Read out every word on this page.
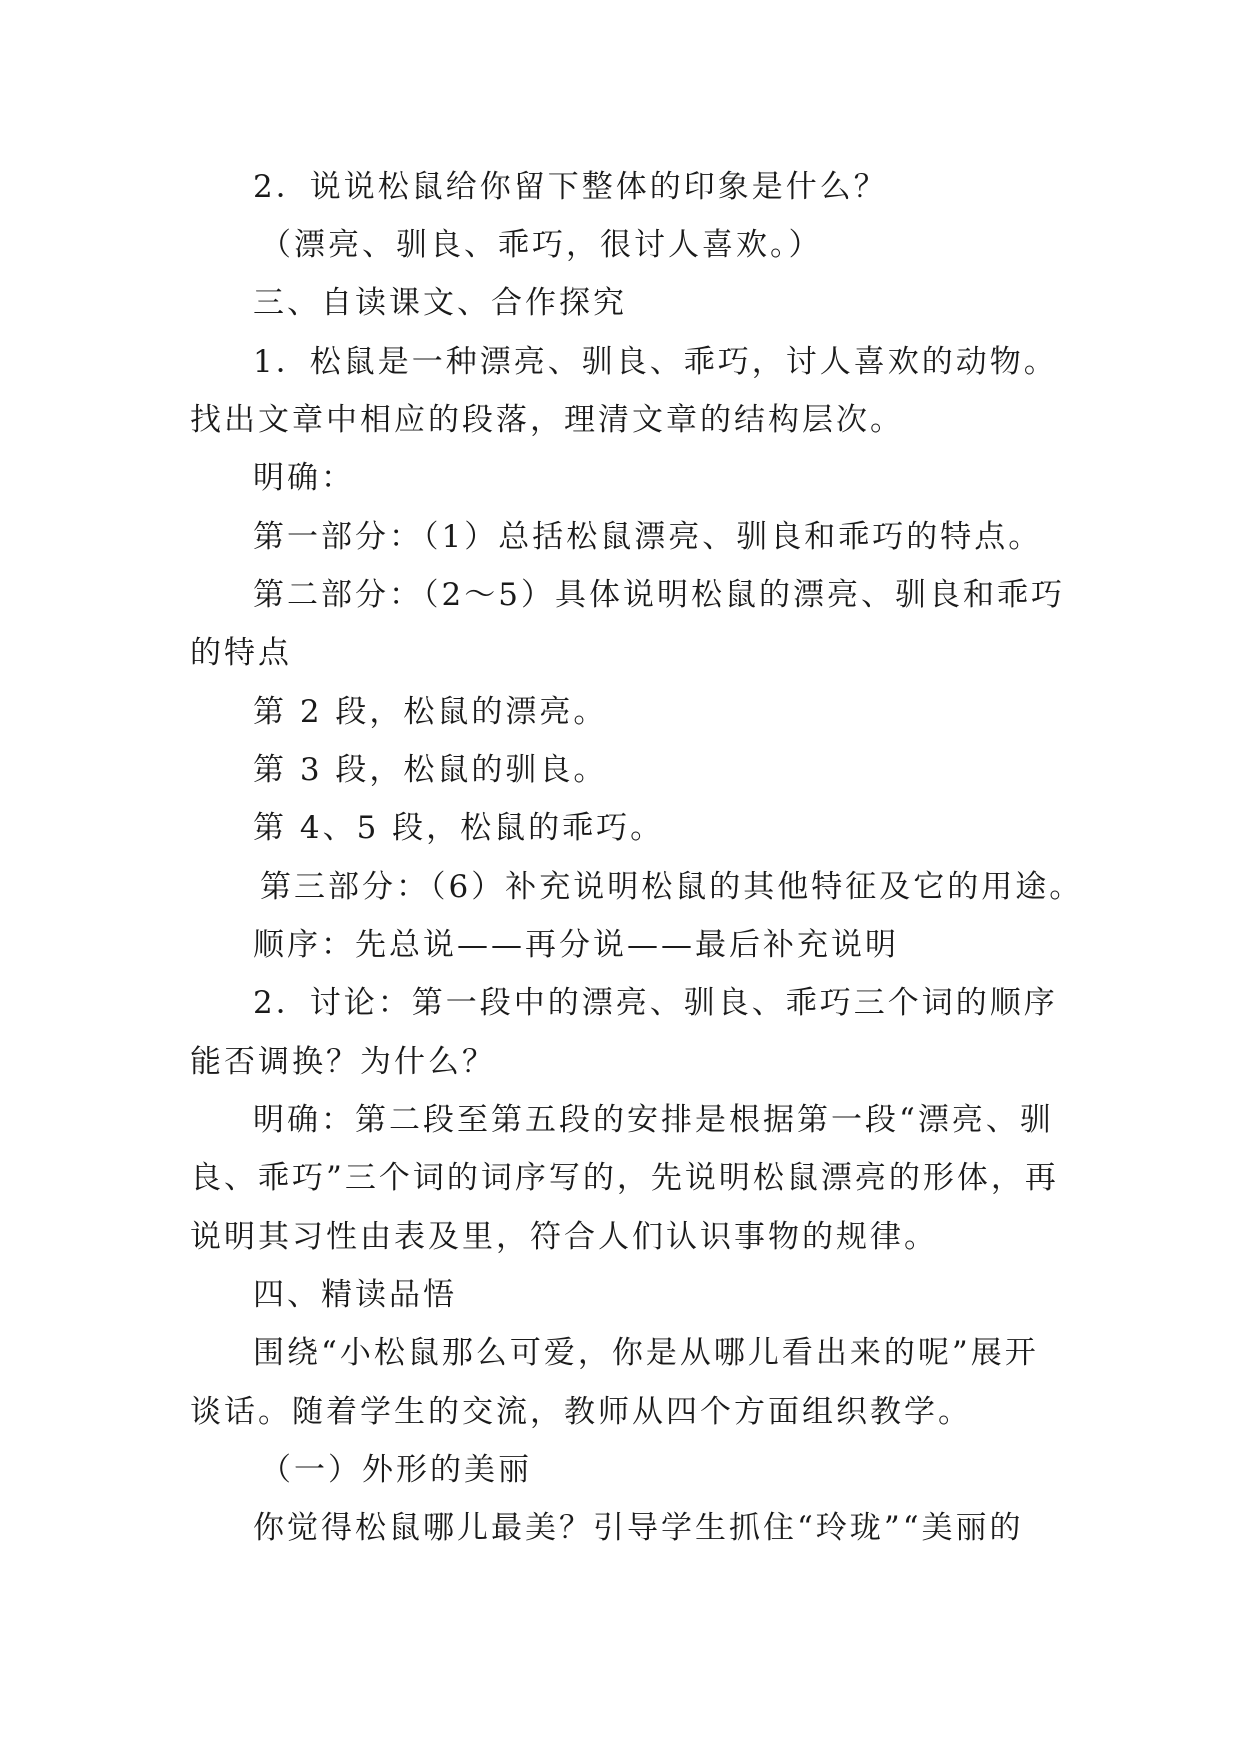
2．说说松鼠给你留下整体的印象是什么？
（漂亮、驯良、乖巧，很讨人喜欢。）
三、自读课文、合作探究
1．松鼠是一种漂亮、驯良、乖巧，讨人喜欢的动物。
找出文章中相应的段落，理清文章的结构层次。
明确：
第一部分：（1）总括松鼠漂亮、驯良和乖巧的特点。
第二部分：（2～5）具体说明松鼠的漂亮、驯良和乖巧
的特点
第 2 段，松鼠的漂亮。
第 3 段，松鼠的驯良。
第 4、5 段，松鼠的乖巧。
第三部分：（6）补充说明松鼠的其他特征及它的用途。
顺序：先总说——再分说——最后补充说明
2．讨论：第一段中的漂亮、驯良、乖巧三个词的顺序
能否调换？为什么？
明确：第二段至第五段的安排是根据第一段“漂亮、驯
良、乖巧”三个词的词序写的，先说明松鼠漂亮的形体，再
说明其习性由表及里，符合人们认识事物的规律。
四、精读品悟
围绕“小松鼠那么可爱，你是从哪儿看出来的呢”展开
谈话。随着学生的交流，教师从四个方面组织教学。
（一）外形的美丽
你觉得松鼠哪儿最美？引导学生抓住“玲珑”“美丽的
